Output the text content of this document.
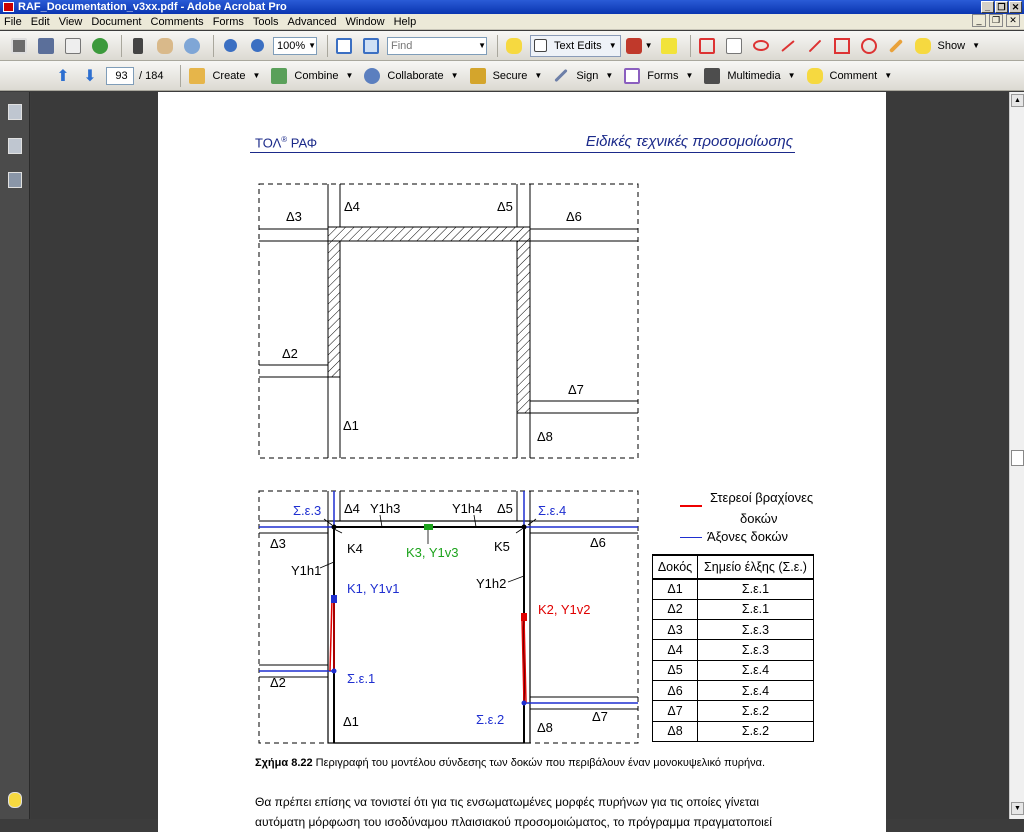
RAF_Documentation_v3xx.pdf - Adobe Acrobat Pro	_ ❐ ✕
File Edit View Document Comments Forms Tools Advanced Window Help	_	❐	✕
100% ▼	Find	▼	Text Edits ▼	▼	Show ▼
⬆ ⬇ 93 / 184	Create ▼	Combine ▼	Collaborate ▼	Secure ▼	Sign ▼	Forms ▼	Multimedia ▼	Comment ▼
ΤΟΛ® ΡΑΦ	Ειδικές τεχνικές προσομοίωσης
Δ3
Δ4	Δ5
Δ6
Δ2
Δ7
Δ1
Δ8
Σ.ε.3 Δ4 Y1h3	Y1h4 Δ5 Σ.ε.4
Δ3	K4	K3, Y1v3	K5	Δ6
Y1h1
Y1h2
K1, Y1v1
K2, Y1v2
Σ.ε.1
Δ2
Δ7
Δ1	Σ.ε.2
Δ8
Στερεοί βραχίονες
δοκών
Άξονες δοκών
Δοκός	Σημείο έλξης (Σ.ε.)
Δ1	Σ.ε.1
Δ2	Σ.ε.1
Δ3	Σ.ε.3
Δ4	Σ.ε.3
Δ5	Σ.ε.4
Δ6	Σ.ε.4
Δ7	Σ.ε.2
Δ8	Σ.ε.2
Σχήμα 8.22 Περιγραφή του μοντέλου σύνδεσης των δοκών που περιβάλουν έναν μονοκυψελικό πυρήνα.
Θα πρέπει επίσης να τονιστεί ότι για τις ενσωματωμένες μορφές πυρήνων για τις οποίες γίνεται
αυτόματη μόρφωση του ισοδύναμου πλαισιακού προσομοιώματος, το πρόγραμμα πραγματοποιεί
▲
▼
